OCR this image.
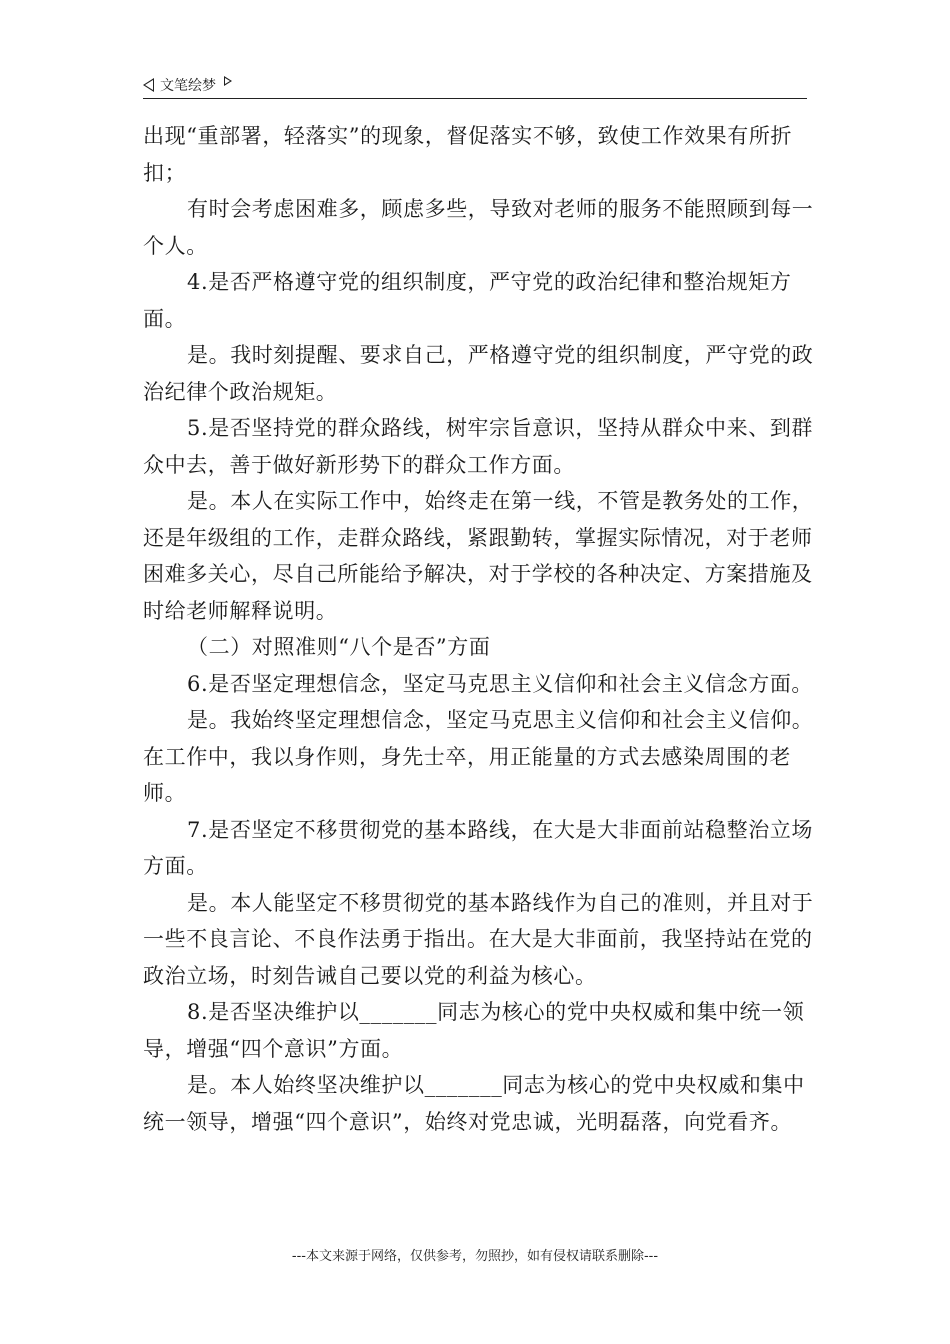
文笔绘梦

出现“重部署，轻落实”的现象，督促落实不够，致使工作效果有所折扣；

有时会考虑困难多，顾虑多些，导致对老师的服务不能照顾到每一个人。

4.是否严格遵守党的组织制度，严守党的政治纪律和整治规矩方面。

是。我时刻提醒、要求自己，严格遵守党的组织制度，严守党的政治纪律个政治规矩。

5.是否坚持党的群众路线，树牢宗旨意识，坚持从群众中来、到群众中去，善于做好新形势下的群众工作方面。

是。本人在实际工作中，始终走在第一线，不管是教务处的工作，还是年级组的工作，走群众路线，紧跟勤转，掌握实际情况，对于老师困难多关心，尽自己所能给予解决，对于学校的各种决定、方案措施及时给老师解释说明。

（二）对照准则“八个是否”方面

6.是否坚定理想信念，坚定马克思主义信仰和社会主义信念方面。

是。我始终坚定理想信念，坚定马克思主义信仰和社会主义信仰。在工作中，我以身作则，身先士卒，用正能量的方式去感染周围的老师。

7.是否坚定不移贯彻党的基本路线，在大是大非面前站稳整治立场方面。

是。本人能坚定不移贯彻党的基本路线作为自己的准则，并且对于一些不良言论、不良作法勇于指出。在大是大非面前，我坚持站在党的政治立场，时刻告诫自己要以党的利益为核心。

8.是否坚决维护以_______同志为核心的党中央权威和集中统一领导，增强“四个意识”方面。

是。本人始终坚决维护以_______同志为核心的党中央权威和集中统一领导，增强“四个意识”，始终对党忠诚，光明磊落，向党看齐。

---本文来源于网络，仅供参考，勿照抄，如有侵权请联系删除---
